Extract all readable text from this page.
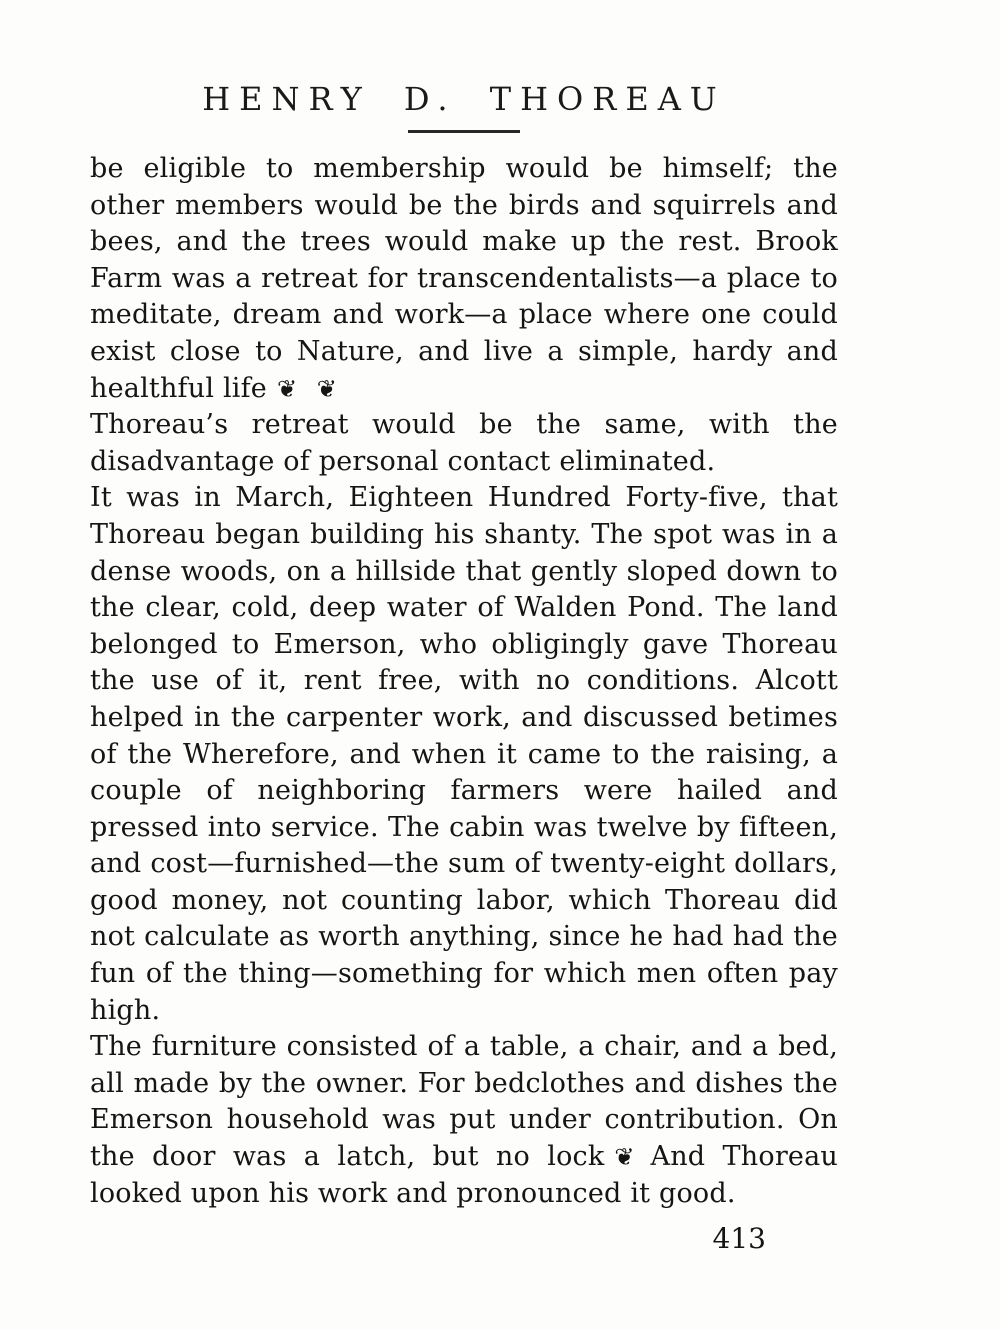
HENRY D. THOREAU

be eligible to membership would be himself; the other members would be the birds and squirrels and bees, and the trees would make up the rest. Brook Farm was a retreat for transcendentalists—a place to meditate, dream and work—a place where one could exist close to Nature, and live a simple, hardy and healthful life ❦ ❦

Thoreau’s retreat would be the same, with the disadvantage of personal contact eliminated.

It was in March, Eighteen Hundred Forty-five, that Thoreau began building his shanty. The spot was in a dense woods, on a hillside that gently sloped down to the clear, cold, deep water of Walden Pond. The land belonged to Emerson, who obligingly gave Thoreau the use of it, rent free, with no conditions. Alcott helped in the carpenter work, and discussed betimes of the Wherefore, and when it came to the raising, a couple of neighboring farmers were hailed and pressed into service. The cabin was twelve by fifteen, and cost—furnished—the sum of twenty-eight dollars, good money, not counting labor, which Thoreau did not calculate as worth anything, since he had had the fun of the thing—something for which men often pay high.

The furniture consisted of a table, a chair, and a bed, all made by the owner. For bedclothes and dishes the Emerson household was put under contribution. On the door was a latch, but no lock ❦ And Thoreau looked upon his work and pronounced it good.

413
